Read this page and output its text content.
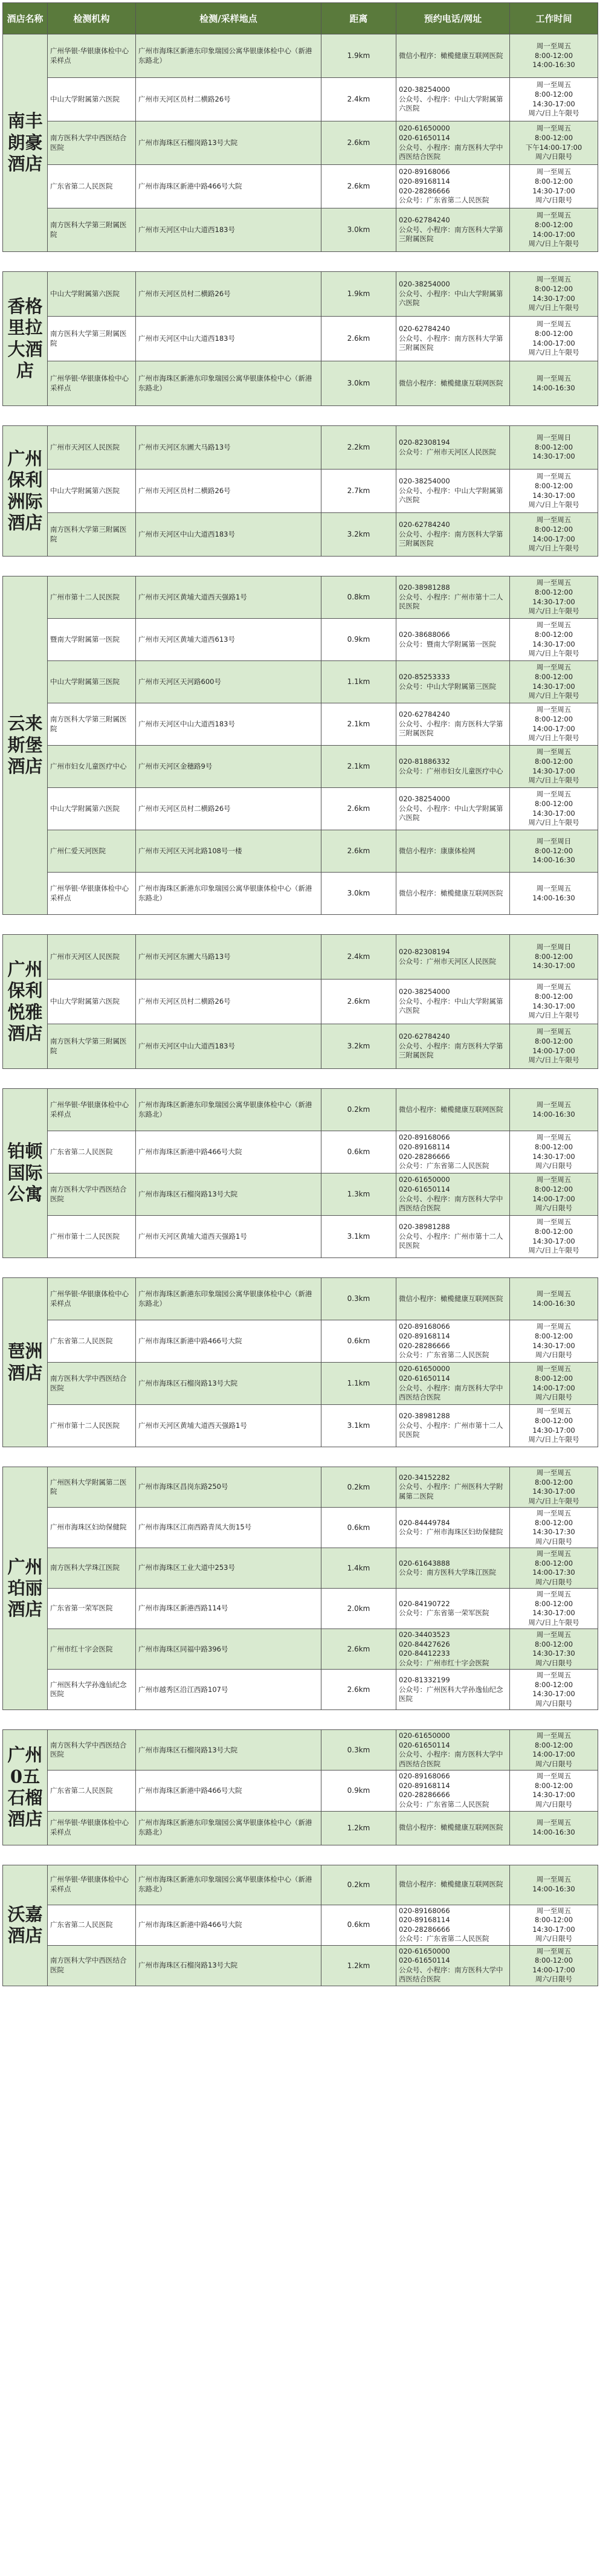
酒店名称	检测机构	检测/采样地点	距离	预约电话/网址	工作时间
南丰朗豪酒店	广州华银·华银康体检中心采样点	广州市海珠区新港东印象瑞园公寓华银康体检中心（新港东路北）	1.9km	微信小程序：橄榄健康互联网医院	周一至周五
8:00-12:00
14:00-16:30
	中山大学附属第六医院	广州市天河区员村二横路26号	2.4km	020-38254000
公众号、小程序：中山大学附属第六医院	周一至周五
8:00-12:00
14:30-17:00
周六/日上午限号
	南方医科大学中西医结合医院	广州市海珠区石榴岗路13号大院	2.6km	020-61650000
020-61650114
公众号、小程序：南方医科大学中西医结合医院	周一至周五
8:00-12:00
下午14:00-17:00
周六/日限号
	广东省第二人民医院	广州市海珠区新港中路466号大院	2.6km	020-89168066
020-89168114
020-28286666
公众号：广东省第二人民医院	周一至周五
8:00-12:00
14:30-17:00
周六/日限号
	南方医科大学第三附属医院	广州市天河区中山大道西183号	3.0km	020-62784240
公众号、小程序：南方医科大学第三附属医院	周一至周五
8:00-12:00
14:00-17:00
周六/日上午限号

香格里拉大酒店	中山大学附属第六医院	广州市天河区员村二横路26号	1.9km	020-38254000
公众号、小程序：中山大学附属第六医院	周一至周五
8:00-12:00
14:30-17:00
周六/日上午限号
	南方医科大学第三附属医院	广州市天河区中山大道西183号	2.6km	020-62784240
公众号、小程序：南方医科大学第三附属医院	周一至周五
8:00-12:00
14:00-17:00
周六/日上午限号
	广州华银·华银康体检中心采样点	广州市海珠区新港东印象瑞园公寓华银康体检中心（新港东路北）	3.0km	微信小程序：橄榄健康互联网医院	周一至周五
14:00-16:30

广州保利洲际酒店	广州市天河区人民医院	广州市天河区东圃大马路13号	2.2km	020-82308194
公众号：广州市天河区人民医院	周一至周日
8:00-12:00
14:30-17:00
	中山大学附属第六医院	广州市天河区员村二横路26号	2.7km	020-38254000
公众号、小程序：中山大学附属第六医院	周一至周五
8:00-12:00
14:30-17:00
周六/日上午限号
	南方医科大学第三附属医院	广州市天河区中山大道西183号	3.2km	020-62784240
公众号、小程序：南方医科大学第三附属医院	周一至周五
8:00-12:00
14:00-17:00
周六/日上午限号

云来斯堡酒店	广州市第十二人民医院	广州市天河区黄埔大道西天强路1号	0.8km	020-38981288
公众号、小程序：广州市第十二人民医院	周一至周五
8:00-12:00
14:30-17:00
周六/日上午限号
	暨南大学附属第一医院	广州市天河区黄埔大道西613号	0.9km	020-38688066
公众号：暨南大学附属第一医院	周一至周五
8:00-12:00
14:30-17:00
周六/日上午限号
	中山大学附属第三医院	广州市天河区天河路600号	1.1km	020-85253333
公众号：中山大学附属第三医院	周一至周五
8:00-12:00
14:30-17:00
周六/日上午限号
	南方医科大学第三附属医院	广州市天河区中山大道西183号	2.1km	020-62784240
公众号、小程序：南方医科大学第三附属医院	周一至周五
8:00-12:00
14:00-17:00
周六/日上午限号
	广州市妇女儿童医疗中心	广州市天河区金穗路9号	2.1km	020-81886332
公众号：广州市妇女儿童医疗中心	周一至周五
8:00-12:00
14:30-17:00
周六/日上午限号
	中山大学附属第六医院	广州市天河区员村二横路26号	2.6km	020-38254000
公众号、小程序：中山大学附属第六医院	周一至周五
8:00-12:00
14:30-17:00
周六/日上午限号
	广州仁爱天河医院	广州市天河区天河北路108号一楼	2.6km	微信小程序：康康体检网	周一至周日
8:00-12:00
14:00-16:30
	广州华银·华银康体检中心采样点	广州市海珠区新港东印象瑞园公寓华银康体检中心（新港东路北）	3.0km	微信小程序：橄榄健康互联网医院	周一至周五
14:00-16:30

广州保利悦雅酒店	广州市天河区人民医院	广州市天河区东圃大马路13号	2.4km	020-82308194
公众号：广州市天河区人民医院	周一至周日
8:00-12:00
14:30-17:00
	中山大学附属第六医院	广州市天河区员村二横路26号	2.6km	020-38254000
公众号、小程序：中山大学附属第六医院	周一至周五
8:00-12:00
14:30-17:00
周六/日上午限号
	南方医科大学第三附属医院	广州市天河区中山大道西183号	3.2km	020-62784240
公众号、小程序：南方医科大学第三附属医院	周一至周五
8:00-12:00
14:00-17:00
周六/日上午限号

铂顿国际公寓	广州华银·华银康体检中心采样点	广州市海珠区新港东印象瑞园公寓华银康体检中心（新港东路北）	0.2km	微信小程序：橄榄健康互联网医院	周一至周五
14:00-16:30
	广东省第二人民医院	广州市海珠区新港中路466号大院	0.6km	020-89168066
020-89168114
020-28286666
公众号：广东省第二人民医院	周一至周五
8:00-12:00
14:30-17:00
周六/日限号
	南方医科大学中西医结合医院	广州市海珠区石榴岗路13号大院	1.3km	020-61650000
020-61650114
公众号、小程序：南方医科大学中西医结合医院	周一至周五
8:00-12:00
14:00-17:00
周六/日限号
	广州市第十二人民医院	广州市天河区黄埔大道西天强路1号	3.1km	020-38981288
公众号、小程序：广州市第十二人民医院	周一至周五
8:00-12:00
14:30-17:00
周六/日上午限号

琶洲酒店	广州华银·华银康体检中心采样点	广州市海珠区新港东印象瑞园公寓华银康体检中心（新港东路北）	0.3km	微信小程序：橄榄健康互联网医院	周一至周五
14:00-16:30
	广东省第二人民医院	广州市海珠区新港中路466号大院	0.6km	020-89168066
020-89168114
020-28286666
公众号：广东省第二人民医院	周一至周五
8:00-12:00
14:30-17:00
周六/日限号
	南方医科大学中西医结合医院	广州市海珠区石榴岗路13号大院	1.1km	020-61650000
020-61650114
公众号、小程序：南方医科大学中西医结合医院	周一至周五
8:00-12:00
14:00-17:00
周六/日限号
	广州市第十二人民医院	广州市天河区黄埔大道西天强路1号	3.1km	020-38981288
公众号、小程序：广州市第十二人民医院	周一至周五
8:00-12:00
14:30-17:00
周六/日上午限号

广州珀丽酒店	广州医科大学附属第二医院	广州市海珠区昌岗东路250号	0.2km	020-34152282
公众号、小程序：广州医科大学附属第二医院	周一至周五
8:00-12:00
14:30-17:00
周六/日上午限号
	广州市海珠区妇幼保健院	广州市海珠区江南西路青凤大街15号	0.6km	020-84449784
公众号：广州市海珠区妇幼保健院	周一至周五
8:00-12:00
14:30-17:30
周六/日限号
	南方医科大学珠江医院	广州市海珠区工业大道中253号	1.4km	020-61643888
公众号：南方医科大学珠江医院	周一至周五
8:00-12:00
14:00-17:30
周六/日限号
	广东省第一荣军医院	广州市海珠区新港西路114号	2.0km	020-84190722
公众号：广东省第一荣军医院	周一至周五
8:00-12:00
14:30-17:00
周六/日上午限号
	广州市红十字会医院	广州市海珠区同福中路396号	2.6km	020-34403523
020-84427626
020-84412233
公众号：广州市红十字会医院	周一至周五
8:00-12:00
14:30-17:30
周六/日限号
	广州医科大学孙逸仙纪念医院	广州市越秀区沿江西路107号	2.6km	020-81332199
公众号：广州医科大学孙逸仙纪念医院	周一至周五
8:00-12:00
14:30-17:00
周六/日限号

广州0五石榴酒店	南方医科大学中西医结合医院	广州市海珠区石榴岗路13号大院	0.3km	020-61650000
020-61650114
公众号、小程序：南方医科大学中西医结合医院	周一至周五
8:00-12:00
14:00-17:00
周六/日限号
	广东省第二人民医院	广州市海珠区新港中路466号大院	0.9km	020-89168066
020-89168114
020-28286666
公众号：广东省第二人民医院	周一至周五
8:00-12:00
14:30-17:00
周六/日限号
	广州华银·华银康体检中心采样点	广州市海珠区新港东印象瑞园公寓华银康体检中心（新港东路北）	1.2km	微信小程序：橄榄健康互联网医院	周一至周五
14:00-16:30

沃嘉酒店	广州华银·华银康体检中心采样点	广州市海珠区新港东印象瑞园公寓华银康体检中心（新港东路北）	0.2km	微信小程序：橄榄健康互联网医院	周一至周五
14:00-16:30
	广东省第二人民医院	广州市海珠区新港中路466号大院	0.6km	020-89168066
020-89168114
020-28286666
公众号：广东省第二人民医院	周一至周五
8:00-12:00
14:30-17:00
周六/日限号
	南方医科大学中西医结合医院	广州市海珠区石榴岗路13号大院	1.2km	020-61650000
020-61650114
公众号、小程序：南方医科大学中西医结合医院	周一至周五
8:00-12:00
14:00-17:00
周六/日限号
